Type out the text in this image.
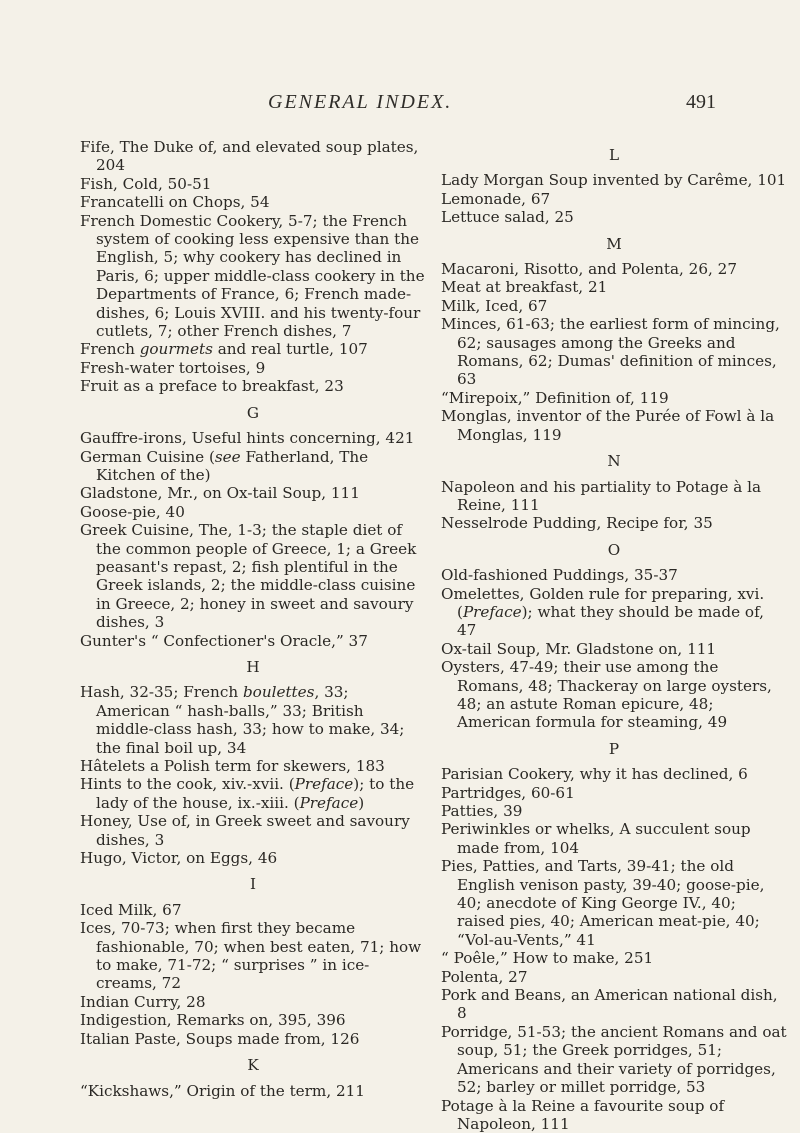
GENERAL INDEX.	491

Fife, The Duke of, and elevated soup plates, 204

Fish, Cold, 50-51

Francatelli on Chops, 54

French Domestic Cookery, 5-7; the French system of cooking less expensive than the English, 5; why cookery has declined in Paris, 6; upper middle-class cookery in the Departments of France, 6; French made-dishes, 6; Louis XVIII. and his twenty-four cutlets, 7; other French dishes, 7

French gourmets and real turtle, 107

Fresh-water tortoises, 9

Fruit as a preface to breakfast, 23

G

Gauffre-irons, Useful hints concerning, 421

German Cuisine (see Fatherland, The Kitchen of the)

Gladstone, Mr., on Ox-tail Soup, 111

Goose-pie, 40

Greek Cuisine, The, 1-3; the staple diet of the common people of Greece, 1; a Greek peasant's repast, 2; fish plentiful in the Greek islands, 2; the middle-class cuisine in Greece, 2; honey in sweet and savoury dishes, 3

Gunter's “ Confectioner's Oracle,” 37

H

Hash, 32-35; French boulettes, 33; American “ hash-balls,” 33; British middle-class hash, 33; how to make, 34; the final boil up, 34

Hâtelets a Polish term for skewers, 183

Hints to the cook, xiv.-xvii. (Preface); to the lady of the house, ix.-xiii. (Preface)

Honey, Use of, in Greek sweet and savoury dishes, 3

Hugo, Victor, on Eggs, 46

I

Iced Milk, 67

Ices, 70-73; when first they became fashionable, 70; when best eaten, 71; how to make, 71-72; “ surprises ” in ice-creams, 72

Indian Curry, 28

Indigestion, Remarks on, 395, 396

Italian Paste, Soups made from, 126

K

“Kickshaws,” Origin of the term, 211

L

Lady Morgan Soup invented by Carême, 101

Lemonade, 67

Lettuce salad, 25

M

Macaroni, Risotto, and Polenta, 26, 27

Meat at breakfast, 21

Milk, Iced, 67

Minces, 61-63; the earliest form of mincing, 62; sausages among the Greeks and Romans, 62; Dumas' definition of minces, 63

“Mirepoix,” Definition of, 119

Monglas, inventor of the Purée of Fowl à la Monglas, 119

N

Napoleon and his partiality to Potage à la Reine, 111

Nesselrode Pudding, Recipe for, 35

O

Old-fashioned Puddings, 35-37

Omelettes, Golden rule for preparing, xvi. (Preface); what they should be made of, 47

Ox-tail Soup, Mr. Gladstone on, 111

Oysters, 47-49; their use among the Romans, 48; Thackeray on large oysters, 48; an astute Roman epicure, 48; American formula for steaming, 49

P

Parisian Cookery, why it has declined, 6

Partridges, 60-61

Patties, 39

Periwinkles or whelks, A succulent soup made from, 104

Pies, Patties, and Tarts, 39-41; the old English venison pasty, 39-40; goose-pie, 40; anecdote of King George IV., 40; raised pies, 40; American meat-pie, 40; “Vol-au-Vents,” 41

“ Poêle,” How to make, 251

Polenta, 27

Pork and Beans, an American national dish, 8

Porridge, 51-53; the ancient Romans and oat soup, 51; the Greek porridges, 51; Americans and their variety of porridges, 52; barley or millet porridge, 53

Potage à la Reine a favourite soup of Napoleon, 111
